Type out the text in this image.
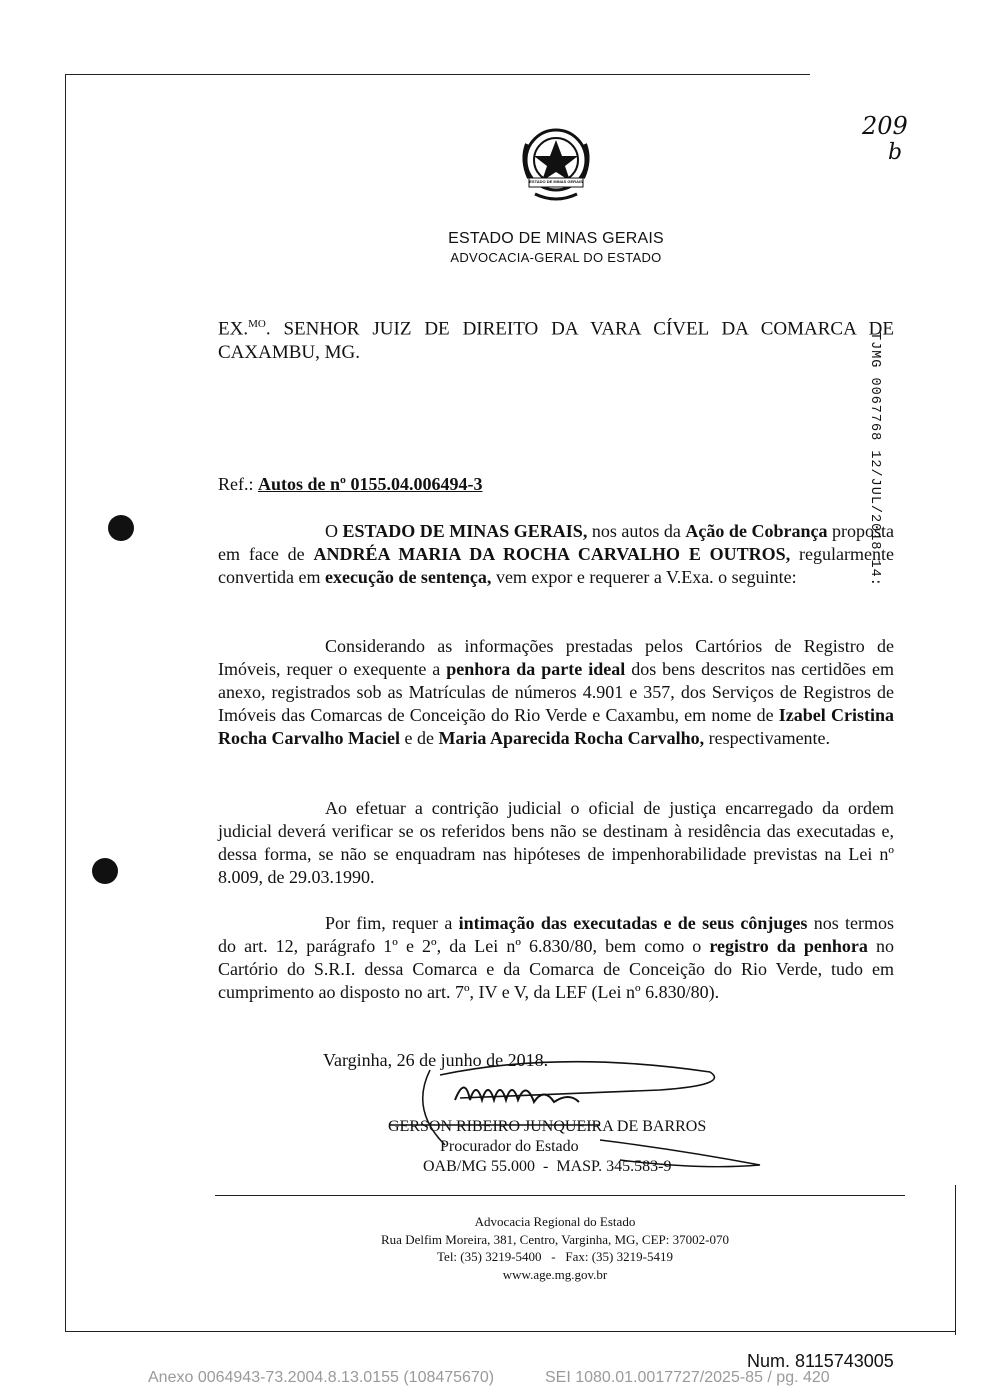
209
b
ESTADO DE MINAS GERAIS
ESTADO DE MINAS GERAIS
ADVOCACIA-GERAL DO ESTADO
EX.$^{MO}$. SENHOR JUIZ DE DIREITO DA VARA CÍVEL DA COMARCA DE
CAXAMBU, MG.	TJMG 0067768 12/JUL/2018 14:
Ref.: Autos de nº 0155.04.006494-3
O ESTADO DE MINAS GERAIS, nos autos da Ação de Cobrança proposta em face de ANDRÉA MARIA DA ROCHA CARVALHO E OUTROS, regularmente convertida em execução de sentença, vem expor e requerer a V.Exa. o seguinte:
Considerando as informações prestadas pelos Cartórios de Registro de Imóveis, requer o exequente a penhora da parte ideal dos bens descritos nas certidões em anexo, registrados sob as Matrículas de números 4.901 e 357, dos Serviços de Registros de Imóveis das Comarcas de Conceição do Rio Verde e Caxambu, em nome de Izabel Cristina Rocha Carvalho Maciel e de Maria Aparecida Rocha Carvalho, respectivamente.
Ao efetuar a contrição judicial o oficial de justiça encarregado da ordem judicial deverá verificar se os referidos bens não se destinam à residência das executadas e, dessa forma, se não se enquadram nas hipóteses de impenhorabilidade previstas na Lei nº 8.009, de 29.03.1990.
Por fim, requer a intimação das executadas e de seus cônjuges nos termos do art. 12, parágrafo 1º e 2º, da Lei nº 6.830/80, bem como o registro da penhora no Cartório do S.R.I. dessa Comarca e da Comarca de Conceição do Rio Verde, tudo em cumprimento ao disposto no art. 7º, IV e V, da LEF (Lei nº 6.830/80).
Varginha, 26 de junho de 2018.
GERSON RIBEIRO JUNQUEIRA DE BARROS
Procurador do Estado
OAB/MG 55.000  -  MASP. 345.583-9
Advocacia Regional do Estado
Rua Delfim Moreira, 381, Centro, Varginha, MG, CEP: 37002-070
Tel: (35) 3219-5400   -   Fax: (35) 3219-5419
www.age.mg.gov.br
Num. 8115743005
Anexo 0064943-73.2004.8.13.0155 (108475670)	SEI 1080.01.0017727/2025-85 / pg. 420
